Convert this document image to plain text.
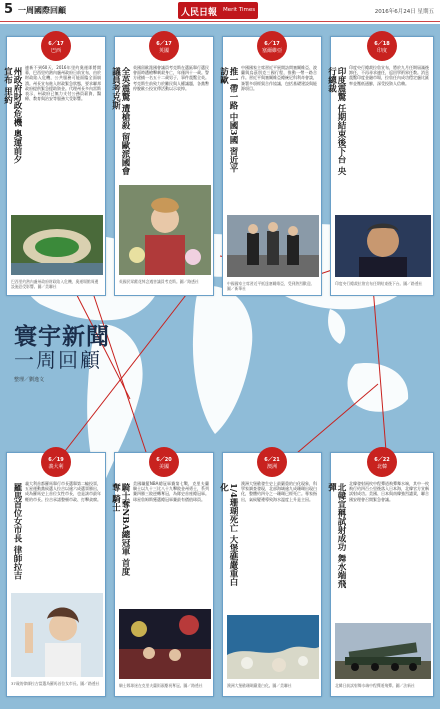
5 一周國際回顧	人民日報 Merit Times	2016年6月24日 星期五
6／17
巴西
州政府財政危機 奧運前夕宣布 里約	連新不到60天，2016年里約奧運即將開幕，巴西里約熱內盧州政府日前宣布，由於財政陷入危機，公共服務可能面臨全面崩潰。州長宣布進入財政緊急狀態，要求聯邦政府提供緊急援助資金。代理州長多內雷斯表示，州政府已無力支付公務員薪資，醫療、教育與治安等服務大受影響。

巴西里約熱內盧州政府財政陷入危機，奧運場館周邊設施恐受影響。圖／美聯社

6／17
英國
全英震驚 遭槍殺 留歐派國會議員考克斯	英國留歐派國會議員考克斯在選區舉行選民會面時遭槍擊刺殺身亡，年僅四十一歲。警方逮捕一名五十二歲男子，事件震驚全英。考克斯生前致力於難民與人權議題，各黨暫停脫歐公投宣傳活動以示哀悼。

英國民眾獻花悼念遇害議員考克斯。圖／路透社

6／17
塞爾維亞
推一帶一路 中國3國 習近平訪歐	中國國家主席習近平展開訪問塞爾維亞、波蘭與烏茲別克三國行程，推動一帶一路合作。習近平與塞爾維亞總統尼科利奇會談，簽署多項經貿合作協議，包括基礎建設與能源項目。

中國國家主席習近平抵達塞爾維亞，受到熱烈歡迎。圖／新華社

6／18
印度
印度震驚 任期結束後下台 央行總裁	印度央行總裁拉詹宣布，將於九月任期屆滿後卸任，不再尋求連任，返回學術界任教。消息震驚印度金融市場，拉詹任內成功穩定盧比匯率並壓低通膨，深受投資人信賴。

印度央行總裁拉詹宣布任期結束後下台。圖／路透社

寰宇新聞
一周回顧
整理／劉逸文
6／19
義大利
羅馬首位女市長 律師拉吉 義大利首都羅馬舉行市長選舉第二輪投票，五星運動黨候選人拉吉以逾六成選票勝出，成為羅馬史上首位女性市長，也是該市最年輕的市長。拉吉承諾整頓市政、打擊貪腐。

37歲的律師拉吉當選為羅馬首位女市長。圖／路透社

6／20
美國
騎士奪NBA總冠軍 首度奪 騎士	美國職籃NBA總冠軍賽第七戰，克里夫蘭騎士以九十三比八十九擊敗金州勇士，系列賽四勝三敗逆轉奪冠，為隊史首座總冠軍。球星詹姆斯獲選總冠軍賽最有價值球員。

騎士隊球迷在克里夫蘭街頭慶祝奪冠。圖／路透社

6／21
澳洲
1/4珊瑚死亡 大堡礁嚴重白化	澳洲大堡礁發生史上最嚴重的白化現象，科學家調查發現，北部海域逾九成珊瑚出現白化，整體約四分之一珊瑚已經死亡。專家指出，氣候變遷導致海水溫度上升是主因。

澳洲大堡礁珊瑚嚴重白化。圖／美聯社

6／22
北韓
北韓宣稱試射成功 舞水端飛彈	北韓發射兩枚中程彈道飛彈舞水端，其中一枚飛行約四百公里後落入日本海，北韓官方宣稱試射成功。美國、日本與南韓強烈譴責，聯合國安理會召開緊急會議。

北韓日前試射舞水端中程彈道飛彈。圖／法新社
